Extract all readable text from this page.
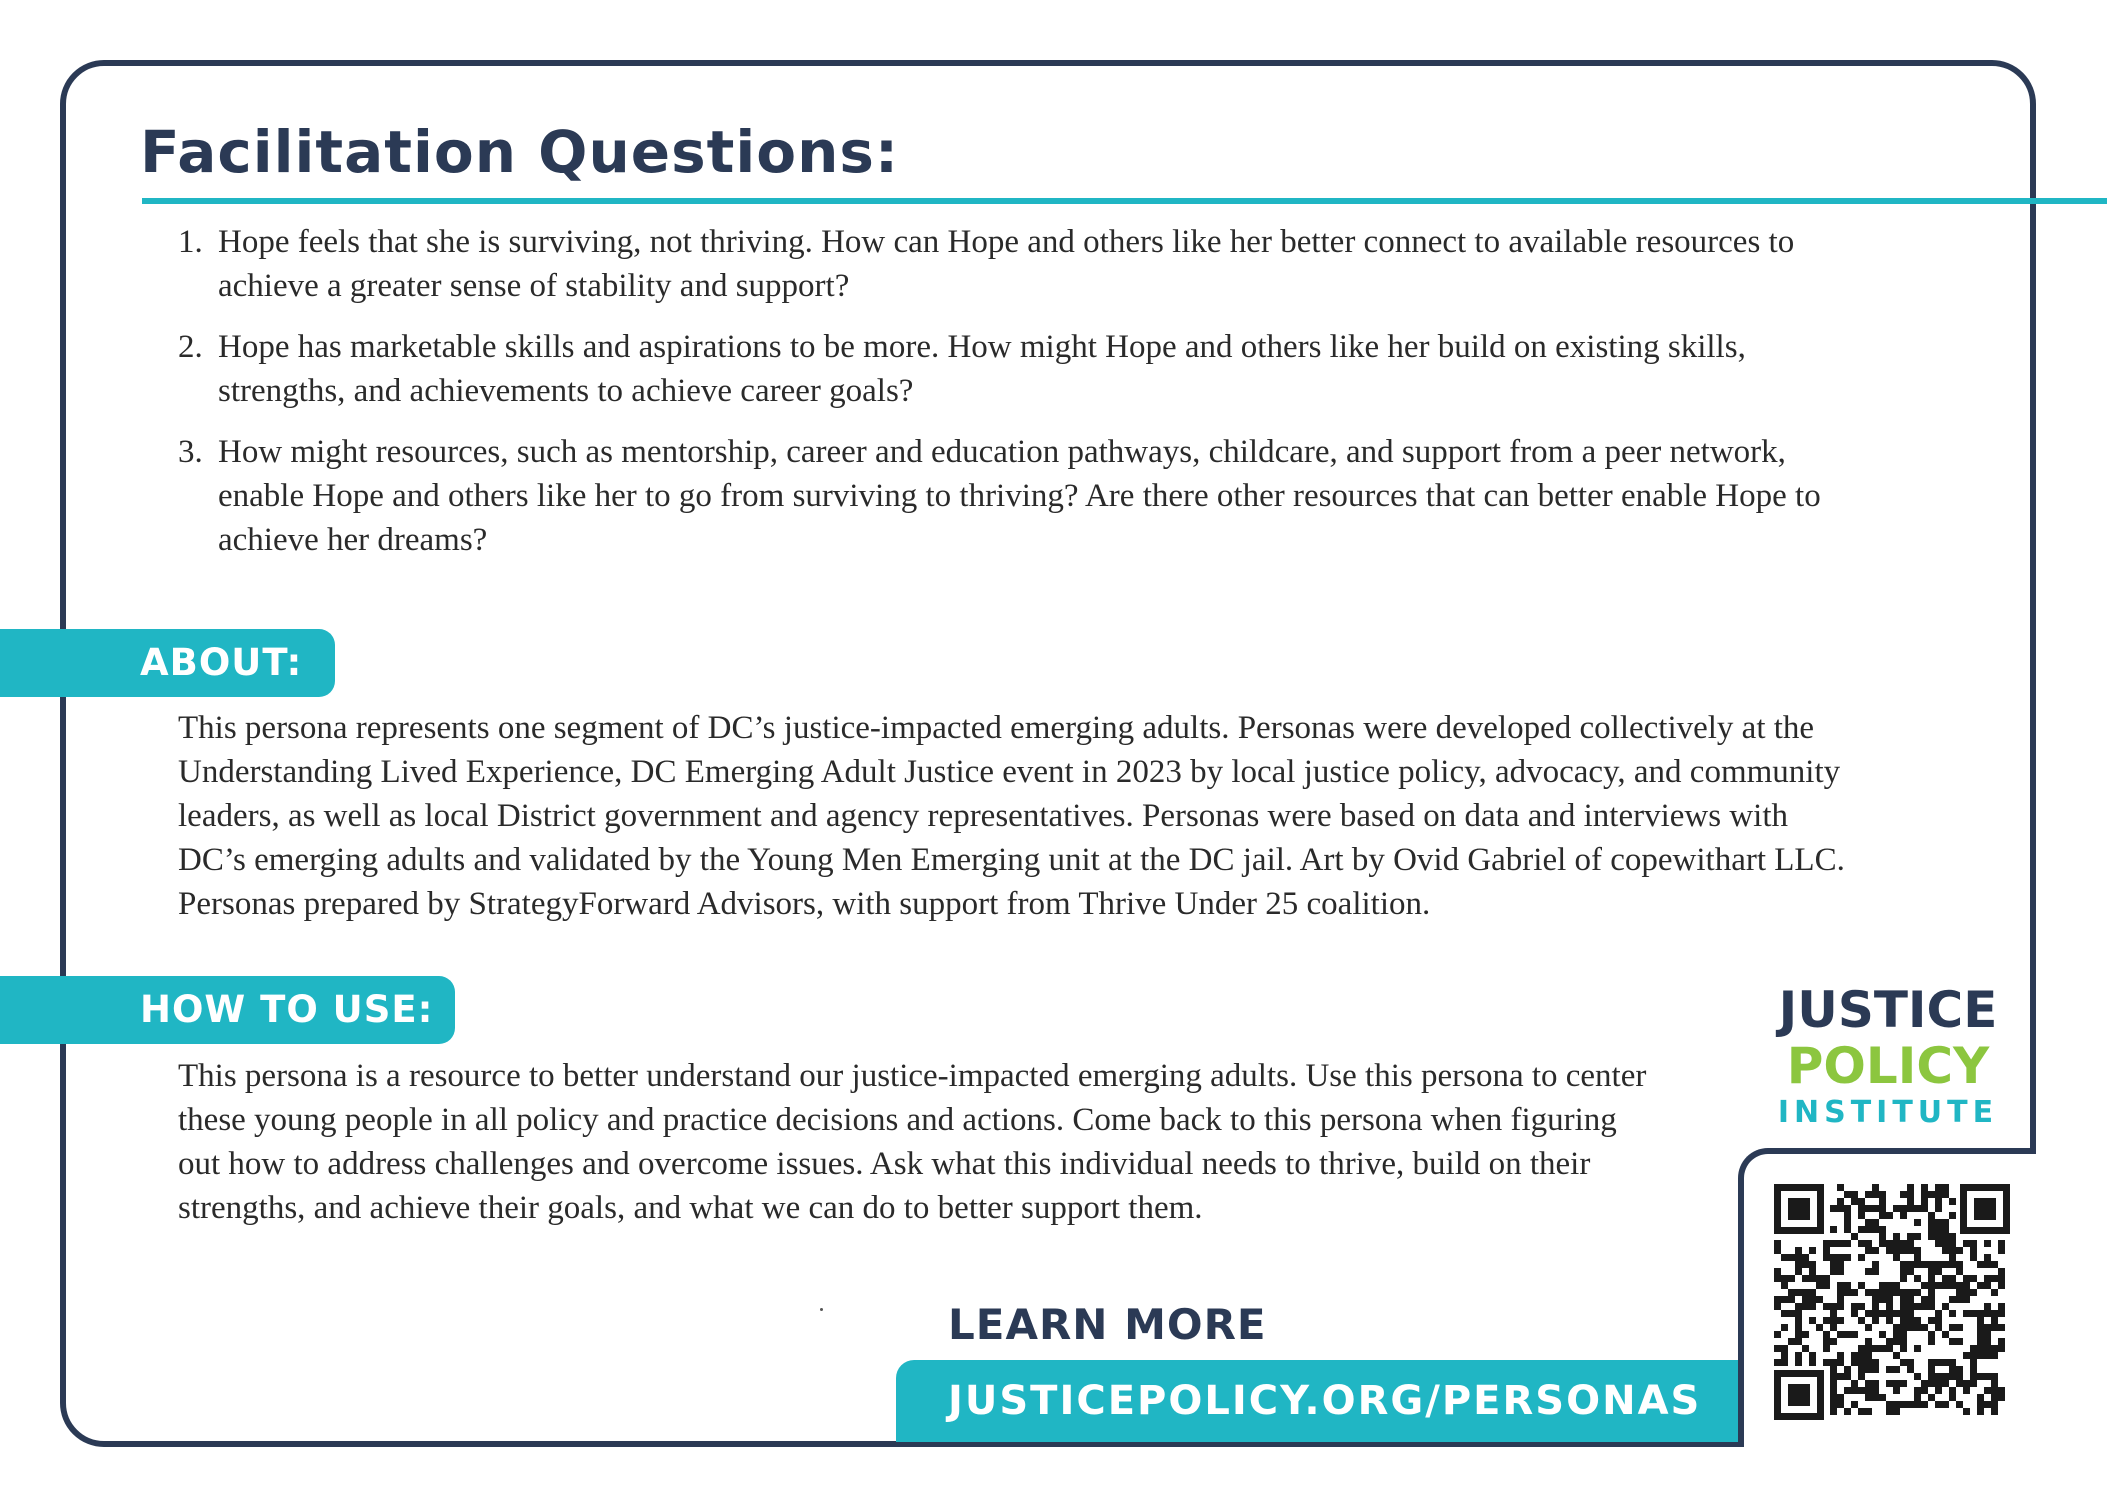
Facilitation Questions:
1. Hope feels that she is surviving, not thriving. How can Hope and others like her better connect to available resources to achieve a greater sense of stability and support?
2. Hope has marketable skills and aspirations to be more. How might Hope and others like her build on existing skills, strengths, and achievements to achieve career goals?
3. How might resources, such as mentorship, career and education pathways, childcare, and support from a peer network, enable Hope and others like her to go from surviving to thriving? Are there other resources that can better enable Hope to achieve her dreams?
ABOUT:

This persona represents one segment of DC’s justice-impacted emerging adults. Personas were developed collectively at the Understanding Lived Experience, DC Emerging Adult Justice event in 2023 by local justice policy, advocacy, and community leaders, as well as local District government and agency representatives. Personas were based on data and interviews with DC’s emerging adults and validated by the Young Men Emerging unit at the DC jail. Art by Ovid Gabriel of copewithart LLC. Personas prepared by StrategyForward Advisors, with support from Thrive Under 25 coalition.

HOW TO USE:

This persona is a resource to better understand our justice-impacted emerging adults. Use this persona to center these young people in all policy and practice decisions and actions. Come back to this persona when figuring out how to address challenges and overcome issues. Ask what this individual needs to thrive, build on their strengths, and achieve their goals, and what we can do to better support them.

LEARN MORE
JUSTICEPOLICY.ORG/PERSONAS
JUSTICE
POLICY
INSTITUTE
